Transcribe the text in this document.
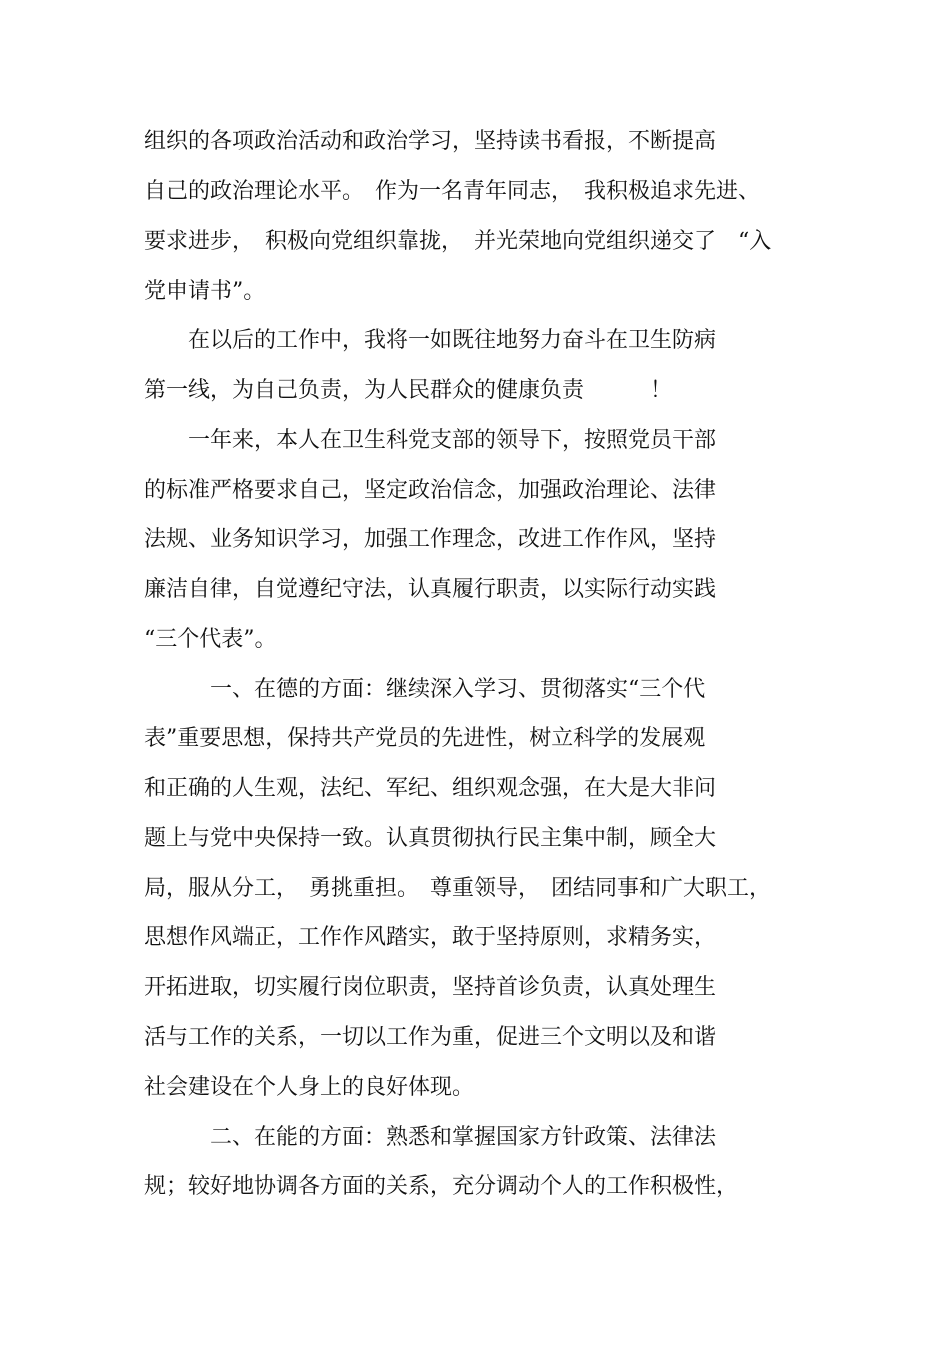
组织的各项政治活动和政治学习，坚持读书看报，不断提高
自己的政治理论水平。　作为一名青年同志，　我积极追求先进、
要求进步，　积极向党组织靠拢，　并光荣地向党组织递交了　“入
党申请书”。
　　在以后的工作中，我将一如既往地努力奋斗在卫生防病
第一线，为自己负责，为人民群众的健康负责　　　！
　　一年来，本人在卫生科党支部的领导下，按照党员干部
的标准严格要求自己，坚定政治信念，加强政治理论、法律
法规、业务知识学习，加强工作理念，改进工作作风，坚持
廉洁自律，自觉遵纪守法，认真履行职责，以实际行动实践
“三个代表”。
　　　一、在德的方面：继续深入学习、贯彻落实“三个代
表”重要思想，保持共产党员的先进性，树立科学的发展观
和正确的人生观，法纪、军纪、组织观念强，在大是大非问
题上与党中央保持一致。认真贯彻执行民主集中制，顾全大
局，服从分工，　勇挑重担。　尊重领导，　团结同事和广大职工，
思想作风端正，工作作风踏实，敢于坚持原则，求精务实，
开拓进取，切实履行岗位职责，坚持首诊负责，认真处理生
活与工作的关系，一切以工作为重，促进三个文明以及和谐
社会建设在个人身上的良好体现。
　　　二、在能的方面：熟悉和掌握国家方针政策、法律法
规；较好地协调各方面的关系，充分调动个人的工作积极性，
